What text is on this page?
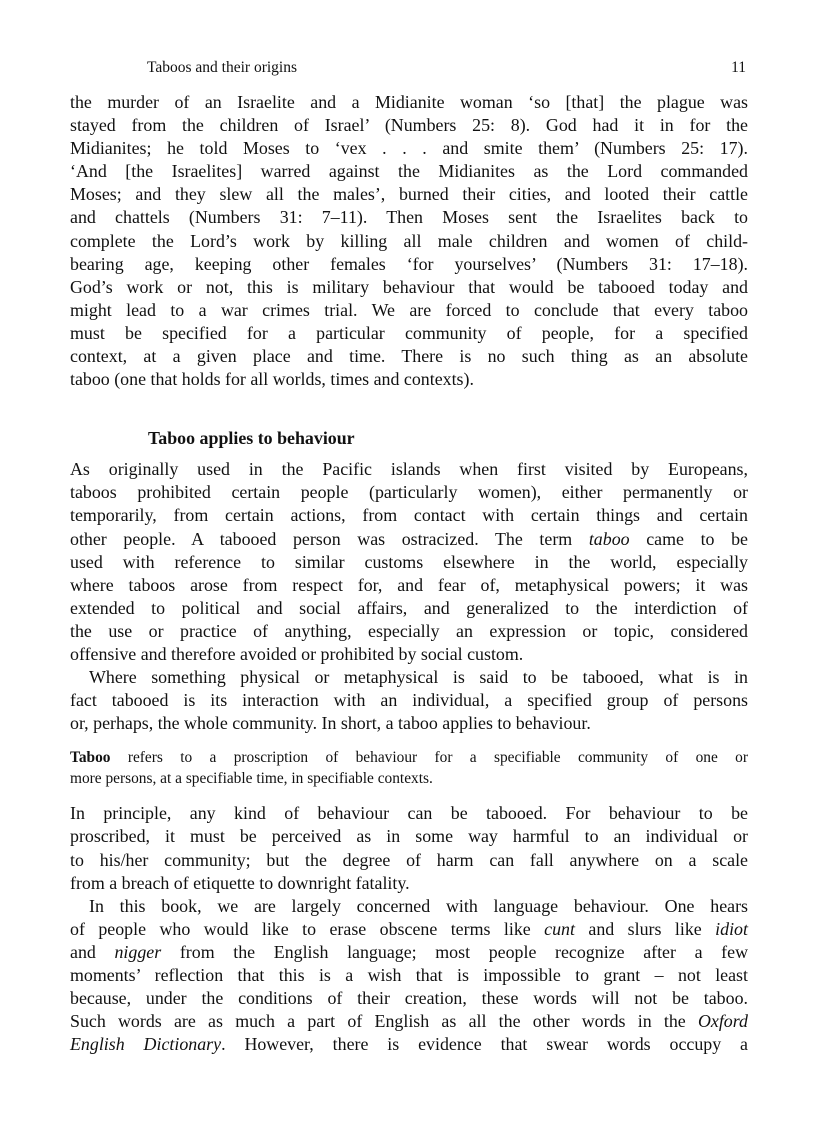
Taboos and their origins	11

the murder of an Israelite and a Midianite woman ‘so [that] the plague was
stayed from the children of Israel’ (Numbers 25: 8). God had it in for the
Midianites; he told Moses to ‘vex . . . and smite them’ (Numbers 25: 17).
‘And [the Israelites] warred against the Midianites as the Lord commanded
Moses; and they slew all the males’, burned their cities, and looted their cattle
and chattels (Numbers 31: 7–11). Then Moses sent the Israelites back to
complete the Lord’s work by killing all male children and women of child-
bearing age, keeping other females ‘for yourselves’ (Numbers 31: 17–18).
God’s work or not, this is military behaviour that would be tabooed today and
might lead to a war crimes trial. We are forced to conclude that every taboo
must be specified for a particular community of people, for a specified
context, at a given place and time. There is no such thing as an absolute
taboo (one that holds for all worlds, times and contexts).

Taboo applies to behaviour

As originally used in the Pacific islands when first visited by Europeans,
taboos prohibited certain people (particularly women), either permanently or
temporarily, from certain actions, from contact with certain things and certain
other people. A tabooed person was ostracized. The term taboo came to be
used with reference to similar customs elsewhere in the world, especially
where taboos arose from respect for, and fear of, metaphysical powers; it was
extended to political and social affairs, and generalized to the interdiction of
the use or practice of anything, especially an expression or topic, considered
offensive and therefore avoided or prohibited by social custom.

Where something physical or metaphysical is said to be tabooed, what is in
fact tabooed is its interaction with an individual, a specified group of persons
or, perhaps, the whole community. In short, a taboo applies to behaviour.

Taboo refers to a proscription of behaviour for a specifiable community of one or
more persons, at a specifiable time, in specifiable contexts.

In principle, any kind of behaviour can be tabooed. For behaviour to be
proscribed, it must be perceived as in some way harmful to an individual or
to his/her community; but the degree of harm can fall anywhere on a scale
from a breach of etiquette to downright fatality.

In this book, we are largely concerned with language behaviour. One hears
of people who would like to erase obscene terms like cunt and slurs like idiot
and nigger from the English language; most people recognize after a few
moments’ reflection that this is a wish that is impossible to grant – not least
because, under the conditions of their creation, these words will not be taboo.
Such words are as much a part of English as all the other words in the Oxford
English Dictionary. However, there is evidence that swear words occupy a
